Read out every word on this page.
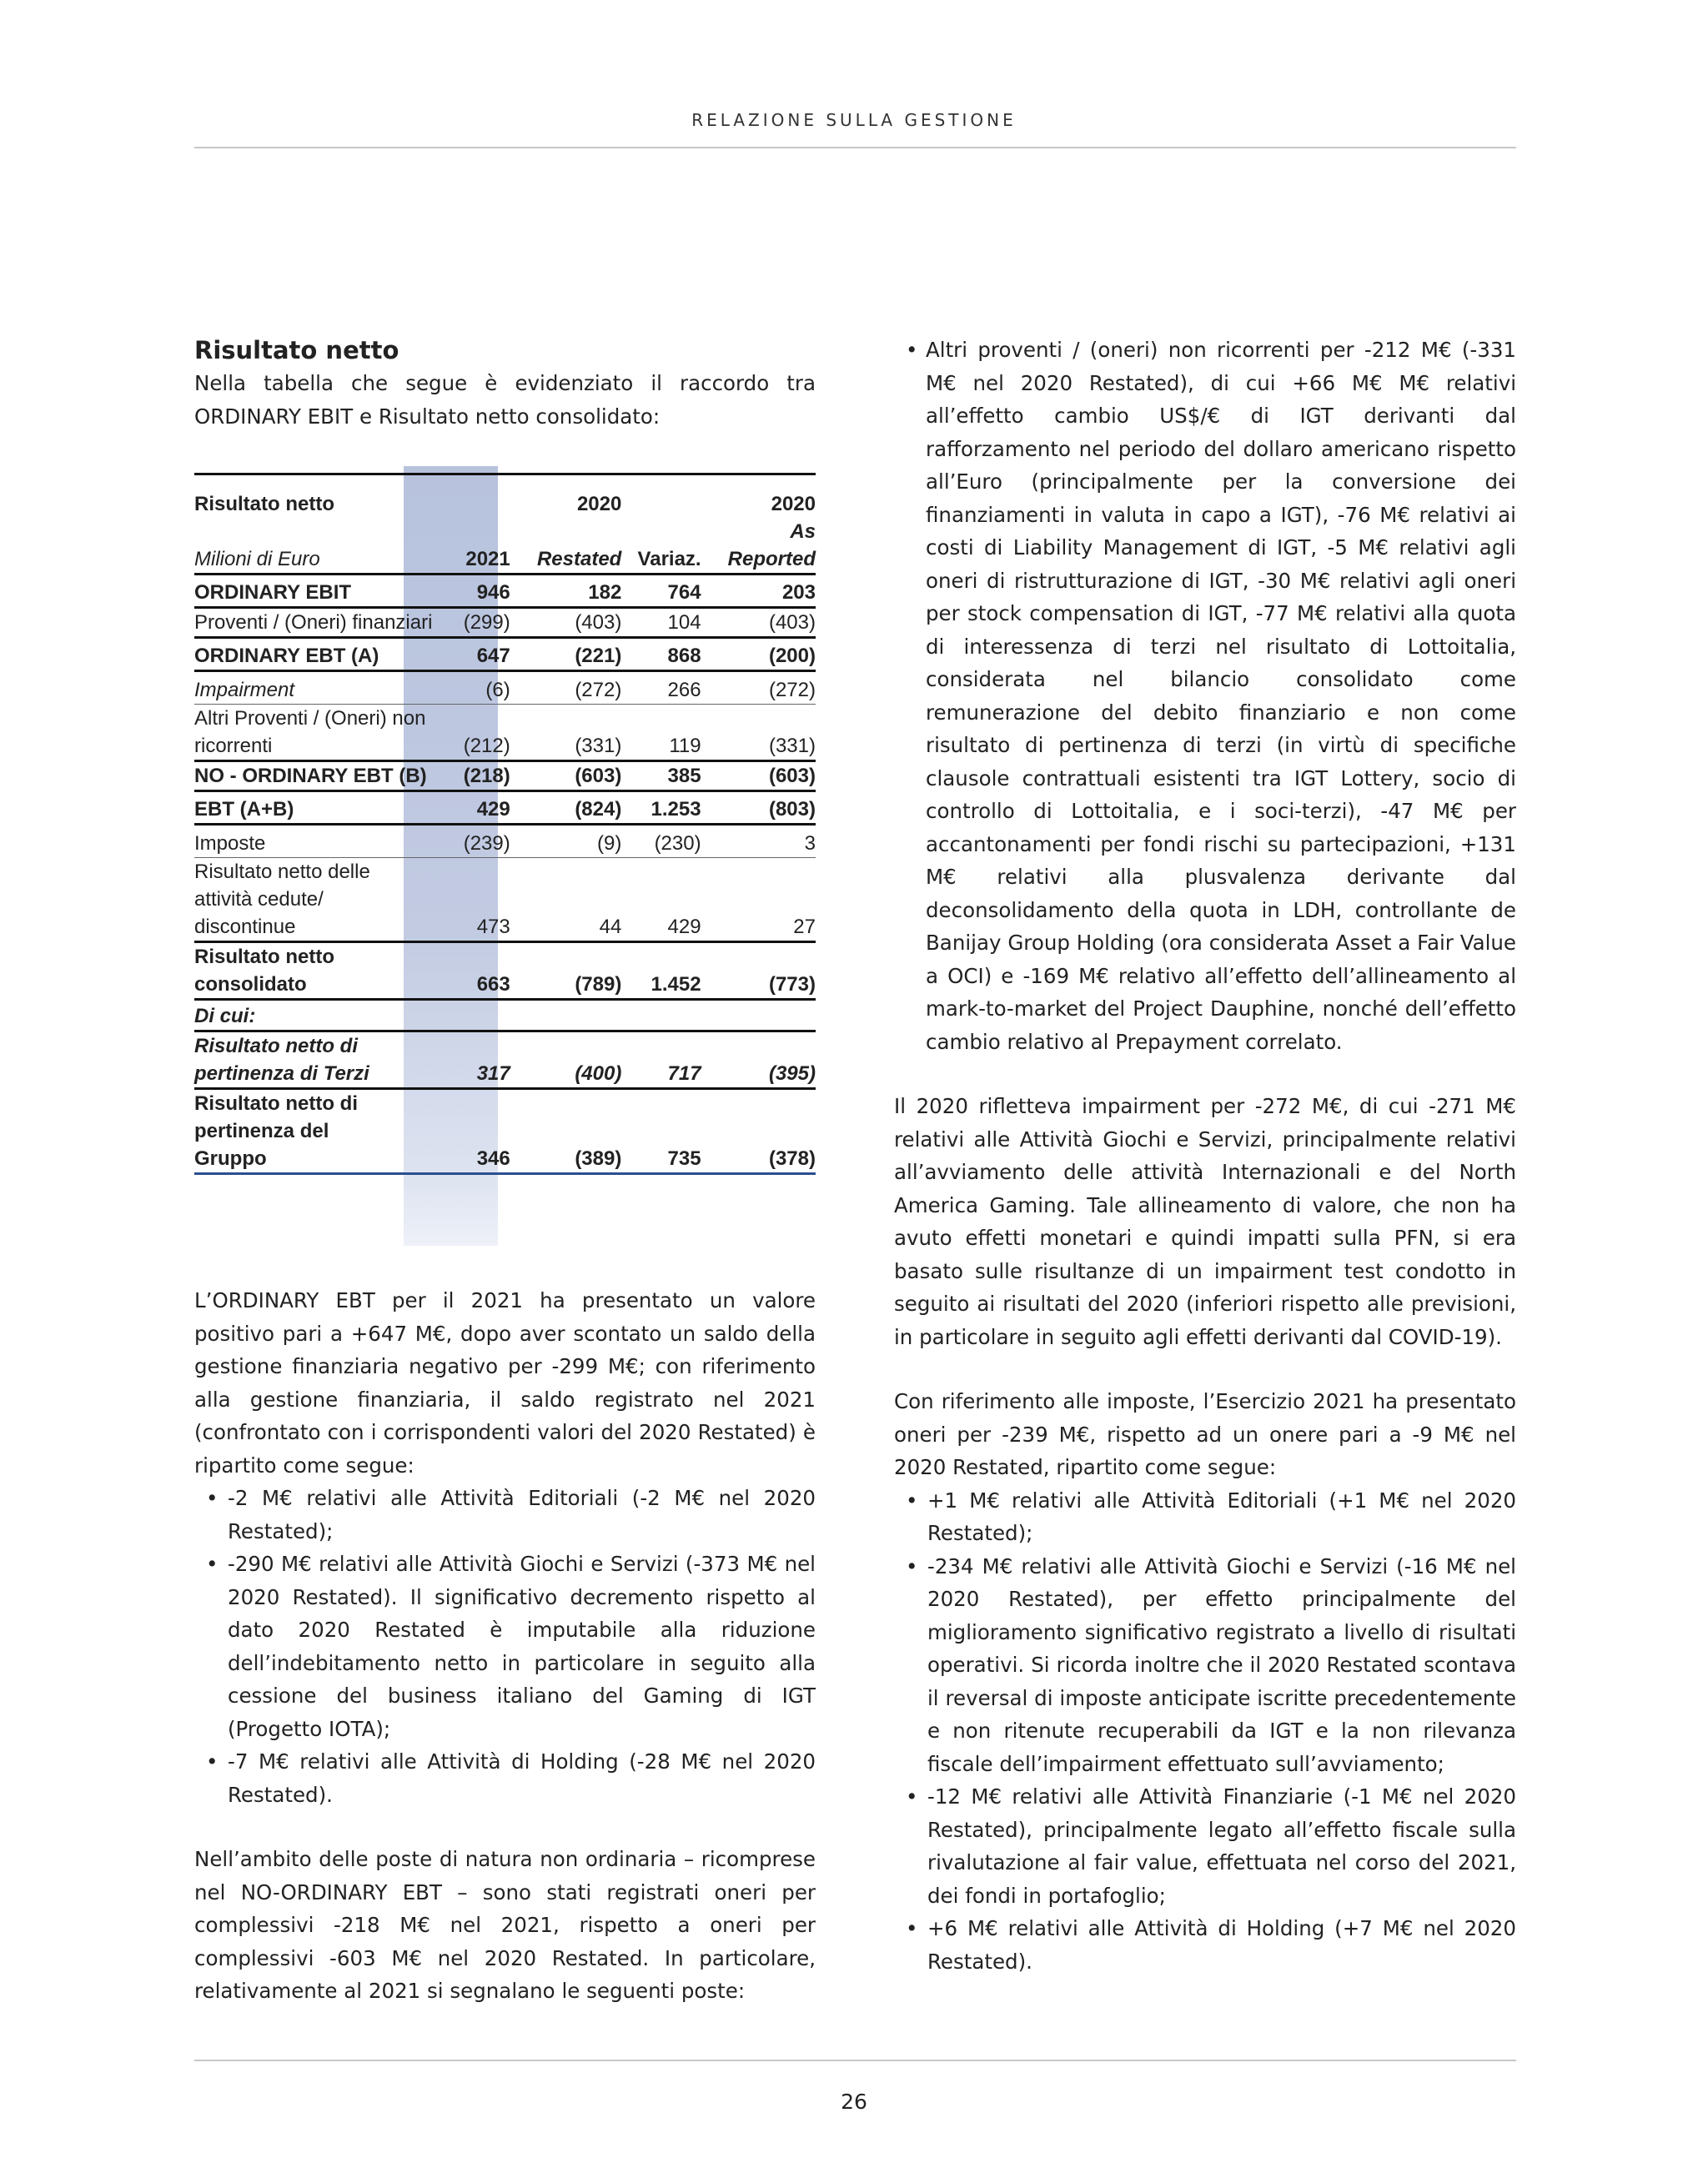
RELAZIONE SULLA GESTIONE
Risultato netto

Nella tabella che segue è evidenziato il raccordo tra ORDINARY EBIT e Risultato netto consolidato:

Risultato netto		2020		2020
Milioni di Euro	2021	Restated	Variaz.	As Reported
ORDINARY EBIT	946	182	764	203
Proventi / (Oneri) finanziari	(299)	(403)	104	(403)
ORDINARY EBT (A)	647	(221)	868	(200)
Impairment	(6)	(272)	266	(272)
Altri Proventi / (Oneri) non ricorrenti	(212)	(331)	119	(331)
NO - ORDINARY EBT (B)	(218)	(603)	385	(603)
EBT (A+B)	429	(824)	1.253	(803)
Imposte	(239)	(9)	(230)	3
Risultato netto delle attività cedute/ discontinue	473	44	429	27
Risultato netto consolidato	663	(789)	1.452	(773)
Di cui:				
Risultato netto di pertinenza di Terzi	317	(400)	717	(395)
Risultato netto di pertinenza del Gruppo	346	(389)	735	(378)

L’ORDINARY EBT per il 2021 ha presentato un valore positivo pari a +647 M€, dopo aver scontato un saldo della gestione finanziaria negativo per -299 M€; con riferimento alla gestione finanziaria, il saldo registrato nel 2021 (confrontato con i corrispondenti valori del 2020 Restated) è ripartito come segue:

• -2 M€ relativi alle Attività Editoriali (-2 M€ nel 2020 Restated);
• -290 M€ relativi alle Attività Giochi e Servizi (-373 M€ nel 2020 Restated). Il significativo decremento rispetto al dato 2020 Restated è imputabile alla riduzione dell’indebitamento netto in particolare in seguito alla cessione del business italiano del Gaming di IGT (Progetto IOTA);
• -7 M€ relativi alle Attività di Holding (-28 M€ nel 2020 Restated).

Nell’ambito delle poste di natura non ordinaria – ricomprese nel NO-ORDINARY EBT – sono stati registrati oneri per complessivi -218 M€ nel 2021, rispetto a oneri per complessivi -603 M€ nel 2020 Restated. In particolare, relativamente al 2021 si segnalano le seguenti poste:

• Altri proventi / (oneri) non ricorrenti per -212 M€ (-331 M€ nel 2020 Restated), di cui +66 M€ M€ relativi all’effetto cambio US$/€ di IGT derivanti dal rafforzamento nel periodo del dollaro americano rispetto all’Euro (principalmente per la conversione dei finanziamenti in valuta in capo a IGT), -76 M€ relativi ai costi di Liability Management di IGT, -5 M€ relativi agli oneri di ristrutturazione di IGT, -30 M€ relativi agli oneri per stock compensation di IGT, -77 M€ relativi alla quota di interessenza di terzi nel risultato di Lottoitalia, considerata nel bilancio consolidato come remunerazione del debito finanziario e non come risultato di pertinenza di terzi (in virtù di specifiche clausole contrattuali esistenti tra IGT Lottery, socio di controllo di Lottoitalia, e i soci-terzi), -47 M€ per accantonamenti per fondi rischi su partecipazioni, +131 M€ relativi alla plusvalenza derivante dal deconsolidamento della quota in LDH, controllante de Banijay Group Holding (ora considerata Asset a Fair Value a OCI) e -169 M€ relativo all’effetto dell’allineamento al mark-to-market del Project Dauphine, nonché dell’effetto cambio relativo al Prepayment correlato.

Il 2020 rifletteva impairment per -272 M€, di cui -271 M€ relativi alle Attività Giochi e Servizi, principalmente relativi all’avviamento delle attività Internazionali e del North America Gaming. Tale allineamento di valore, che non ha avuto effetti monetari e quindi impatti sulla PFN, si era basato sulle risultanze di un impairment test condotto in seguito ai risultati del 2020 (inferiori rispetto alle previsioni, in particolare in seguito agli effetti derivanti dal COVID-19).

Con riferimento alle imposte, l’Esercizio 2021 ha presentato oneri per -239 M€, rispetto ad un onere pari a -9 M€ nel 2020 Restated, ripartito come segue:

• +1 M€ relativi alle Attività Editoriali (+1 M€ nel 2020 Restated);
• -234 M€ relativi alle Attività Giochi e Servizi (-16 M€ nel 2020 Restated), per effetto principalmente del miglioramento significativo registrato a livello di risultati operativi. Si ricorda inoltre che il 2020 Restated scontava il reversal di imposte anticipate iscritte precedentemente e non ritenute recuperabili da IGT e la non rilevanza fiscale dell’impairment effettuato sull’avviamento;
• -12 M€ relativi alle Attività Finanziarie (-1 M€ nel 2020 Restated), principalmente legato all’effetto fiscale sulla rivalutazione al fair value, effettuata nel corso del 2021, dei fondi in portafoglio;
• +6 M€ relativi alle Attività di Holding (+7 M€ nel 2020 Restated).
26
